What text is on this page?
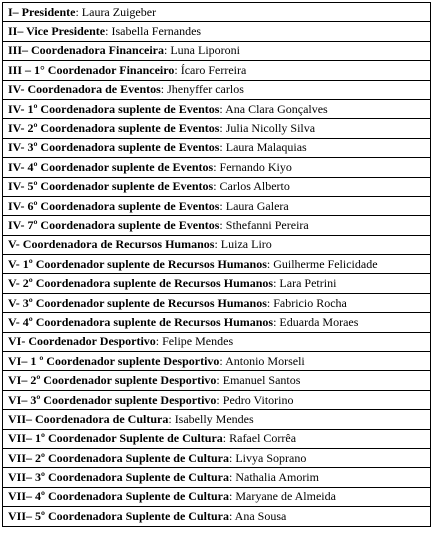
I– Presidente: Laura Zuigeber
II– Vice Presidente: Isabella Fernandes
III– Coordenadora Financeira: Luna Liporoni
III – 1° Coordenador Financeiro: Ícaro Ferreira
IV- Coordenadora de Eventos: Jhenyffer carlos
IV- 1º Coordenadora suplente de Eventos: Ana Clara Gonçalves
IV- 2º Coordenadora suplente de Eventos: Julia Nicolly Silva
IV- 3º Coordenadora suplente de Eventos: Laura Malaquias
IV- 4º Coordenador suplente de Eventos: Fernando Kiyo
IV- 5º Coordenador suplente de Eventos: Carlos Alberto
IV- 6º Coordenadora suplente de Eventos: Laura Galera
IV- 7º Coordenadora suplente de Eventos: Sthefanni Pereira
V- Coordenadora de Recursos Humanos: Luiza Liro
V- 1º Coordenador suplente de Recursos Humanos: Guilherme Felicidade
V- 2º Coordenadora suplente de Recursos Humanos: Lara Petrini
V- 3º Coordenador suplente de Recursos Humanos: Fabricio Rocha
V- 4º Coordenadora suplente de Recursos Humanos: Eduarda Moraes
VI- Coordenador Desportivo: Felipe Mendes
VI– 1 º Coordenador suplente Desportivo: Antonio Morseli
VI– 2º Coordenador suplente Desportivo: Emanuel Santos
VI– 3º Coordenador suplente Desportivo: Pedro Vitorino
VII– Coordenadora de Cultura: Isabelly Mendes
VII– 1º Coordenador Suplente de Cultura: Rafael Corrêa
VII– 2º Coordenadora Suplente de Cultura: Livya Soprano
VII– 3º Coordenadora Suplente de Cultura: Nathalia Amorim
VII– 4º Coordenadora Suplente de Cultura: Maryane de Almeida
VII– 5º Coordenadora Suplente de Cultura: Ana Sousa
